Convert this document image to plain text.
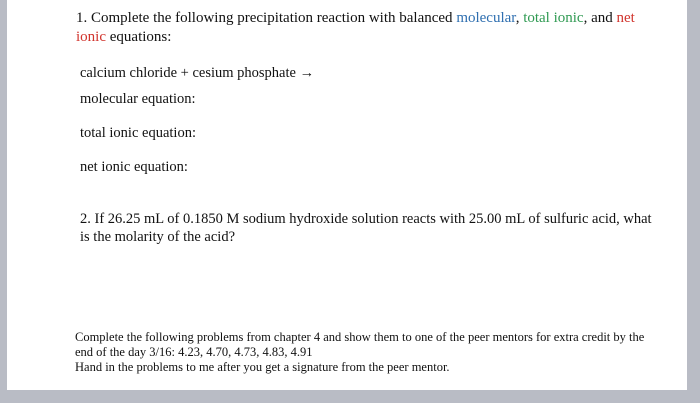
1. Complete the following precipitation reaction with balanced molecular, total ionic, and net ionic equations:
calcium chloride + cesium phosphate →
molecular equation:
total ionic equation:
net ionic equation:
2. If 26.25 mL of 0.1850 M sodium hydroxide solution reacts with 25.00 mL of sulfuric acid, what is the molarity of the acid?
Complete the following problems from chapter 4 and show them to one of the peer mentors for extra credit by the end of the day 3/16: 4.23, 4.70, 4.73, 4.83, 4.91
Hand in the problems to me after you get a signature from the peer mentor.
